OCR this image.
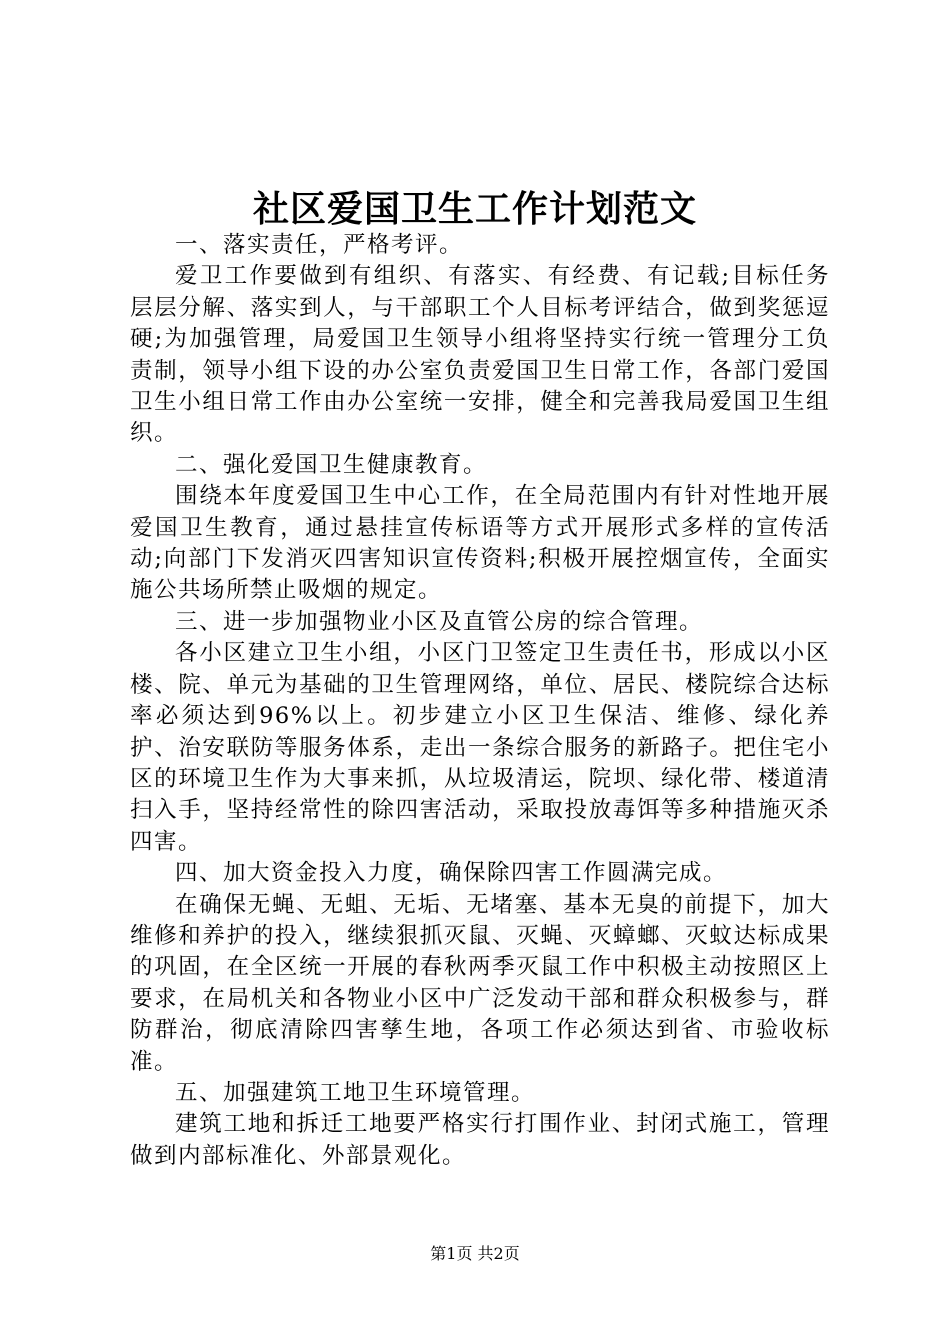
社区爱国卫生工作计划范文

一、落实责任，严格考评。

爱卫工作要做到有组织、有落实、有经费、有记载;目标任务层层分解、落实到人，与干部职工个人目标考评结合，做到奖惩逗硬;为加强管理，局爱国卫生领导小组将坚持实行统一管理分工负责制，领导小组下设的办公室负责爱国卫生日常工作，各部门爱国卫生小组日常工作由办公室统一安排，健全和完善我局爱国卫生组织。

二、强化爱国卫生健康教育。

围绕本年度爱国卫生中心工作，在全局范围内有针对性地开展爱国卫生教育，通过悬挂宣传标语等方式开展形式多样的宣传活动;向部门下发消灭四害知识宣传资料;积极开展控烟宣传，全面实施公共场所禁止吸烟的规定。

三、进一步加强物业小区及直管公房的综合管理。

各小区建立卫生小组，小区门卫签定卫生责任书，形成以小区楼、院、单元为基础的卫生管理网络，单位、居民、楼院综合达标率必须达到96%以上。初步建立小区卫生保洁、维修、绿化养护、治安联防等服务体系，走出一条综合服务的新路子。把住宅小区的环境卫生作为大事来抓，从垃圾清运，院坝、绿化带、楼道清扫入手，坚持经常性的除四害活动，采取投放毒饵等多种措施灭杀四害。

四、加大资金投入力度，确保除四害工作圆满完成。

在确保无蝇、无蛆、无垢、无堵塞、基本无臭的前提下，加大维修和养护的投入，继续狠抓灭鼠、灭蝇、灭蟑螂、灭蚊达标成果的巩固，在全区统一开展的春秋两季灭鼠工作中积极主动按照区上要求，在局机关和各物业小区中广泛发动干部和群众积极参与，群防群治，彻底清除四害孳生地，各项工作必须达到省、市验收标准。

五、加强建筑工地卫生环境管理。

建筑工地和拆迁工地要严格实行打围作业、封闭式施工，管理做到内部标准化、外部景观化。

第1页 共2页
